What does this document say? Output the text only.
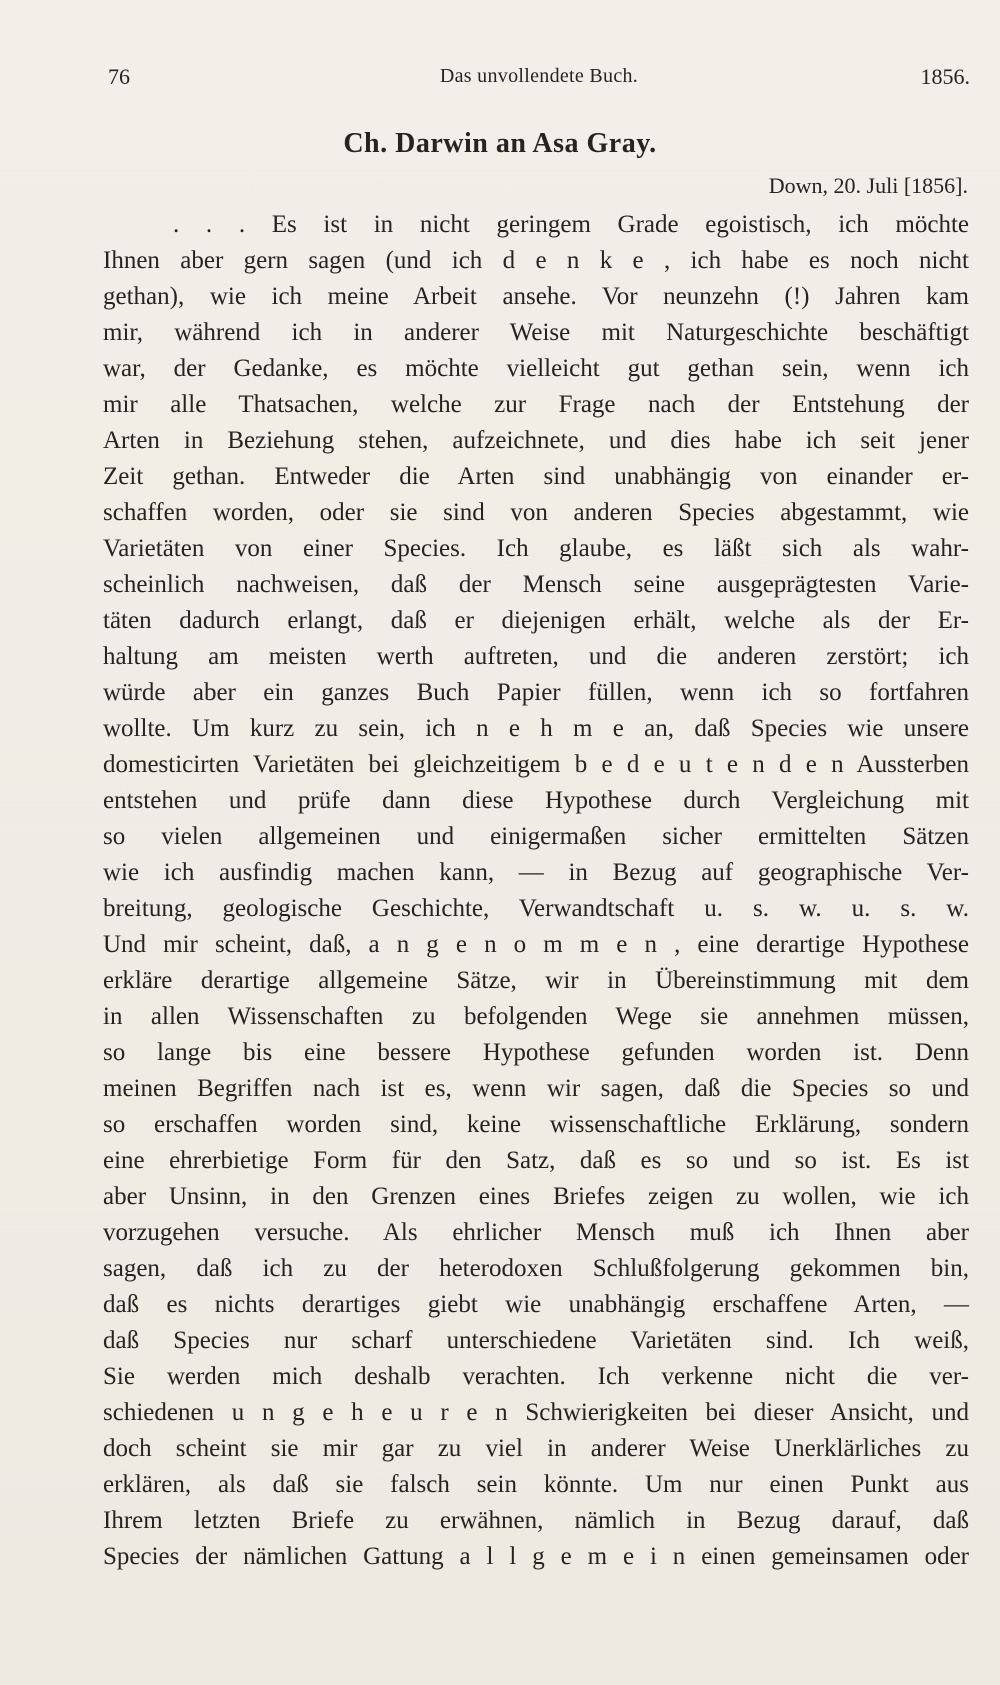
76	Das unvollendete Buch.	1856.
Ch. Darwin an Asa Gray.
Down, 20. Juli [1856].
. . . Es ist in nicht geringem Grade egoistisch, ich möchte
Ihnen aber gern sagen (und ich d e n k e , ich habe es noch nicht
gethan), wie ich meine Arbeit ansehe. Vor neunzehn (!) Jahren kam
mir, während ich in anderer Weise mit Naturgeschichte beschäftigt
war, der Gedanke, es möchte vielleicht gut gethan sein, wenn ich
mir alle Thatsachen, welche zur Frage nach der Entstehung der
Arten in Beziehung stehen, aufzeichnete, und dies habe ich seit jener
Zeit gethan. Entweder die Arten sind unabhängig von einander er-
schaffen worden, oder sie sind von anderen Species abgestammt, wie
Varietäten von einer Species. Ich glaube, es läßt sich als wahr-
scheinlich nachweisen, daß der Mensch seine ausgeprägtesten Varie-
täten dadurch erlangt, daß er diejenigen erhält, welche als der Er-
haltung am meisten werth auftreten, und die anderen zerstört; ich
würde aber ein ganzes Buch Papier füllen, wenn ich so fortfahren
wollte. Um kurz zu sein, ich n e h m e an, daß Species wie unsere
domesticirten Varietäten bei gleichzeitigem b e d e u t e n d e n Aussterben
entstehen und prüfe dann diese Hypothese durch Vergleichung mit
so vielen allgemeinen und einigermaßen sicher ermittelten Sätzen
wie ich ausfindig machen kann, — in Bezug auf geographische Ver-
breitung, geologische Geschichte, Verwandtschaft u. s. w. u. s. w.
Und mir scheint, daß, a n g e n o m m e n , eine derartige Hypothese
erkläre derartige allgemeine Sätze, wir in Übereinstimmung mit dem
in allen Wissenschaften zu befolgenden Wege sie annehmen müssen,
so lange bis eine bessere Hypothese gefunden worden ist. Denn
meinen Begriffen nach ist es, wenn wir sagen, daß die Species so und
so erschaffen worden sind, keine wissenschaftliche Erklärung, sondern
eine ehrerbietige Form für den Satz, daß es so und so ist. Es ist
aber Unsinn, in den Grenzen eines Briefes zeigen zu wollen, wie ich
vorzugehen versuche. Als ehrlicher Mensch muß ich Ihnen aber
sagen, daß ich zu der heterodoxen Schlußfolgerung gekommen bin,
daß es nichts derartiges giebt wie unabhängig erschaffene Arten, —
daß Species nur scharf unterschiedene Varietäten sind. Ich weiß,
Sie werden mich deshalb verachten. Ich verkenne nicht die ver-
schiedenen u n g e h e u r e n Schwierigkeiten bei dieser Ansicht, und
doch scheint sie mir gar zu viel in anderer Weise Unerklärliches zu
erklären, als daß sie falsch sein könnte. Um nur einen Punkt aus
Ihrem letzten Briefe zu erwähnen, nämlich in Bezug darauf, daß
Species der nämlichen Gattung a l l g e m e i n einen gemeinsamen oder
